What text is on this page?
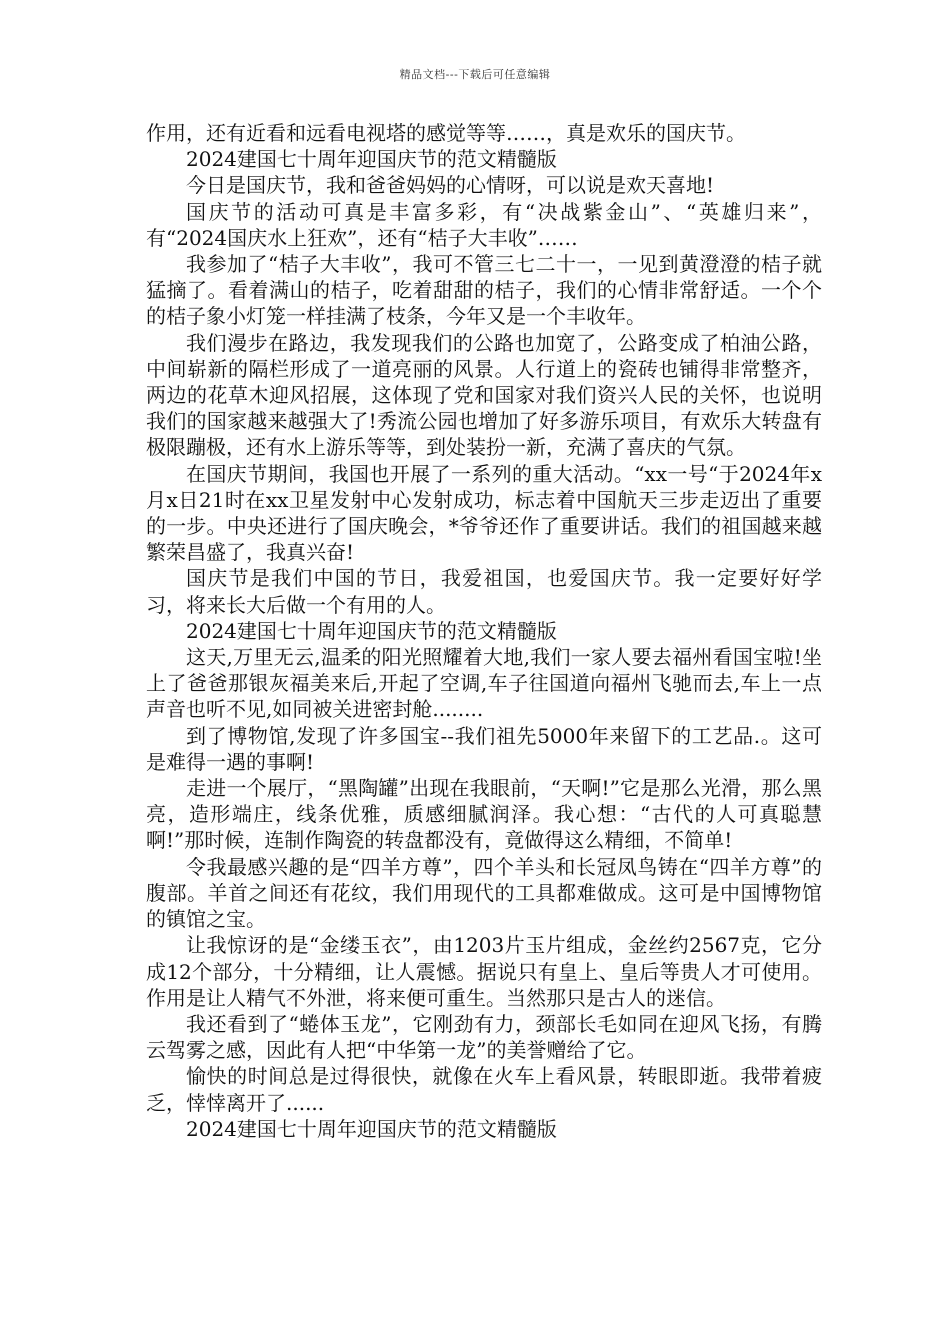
精品文档---下载后可任意编辑

作用，还有近看和远看电视塔的感觉等等……，真是欢乐的国庆节。

2024建国七十周年迎国庆节的范文精髓版

今日是国庆节，我和爸爸妈妈的心情呀，可以说是欢天喜地!

国庆节的活动可真是丰富多彩，有“决战紫金山”、“英雄归来”，有“2024国庆水上狂欢”，还有“桔子大丰收”……

我参加了“桔子大丰收”，我可不管三七二十一，一见到黄澄澄的桔子就猛摘了。看着满山的桔子，吃着甜甜的桔子，我们的心情非常舒适。一个个的桔子象小灯笼一样挂满了枝条，今年又是一个丰收年。

我们漫步在路边，我发现我们的公路也加宽了，公路变成了柏油公路，中间崭新的隔栏形成了一道亮丽的风景。人行道上的瓷砖也铺得非常整齐，两边的花草木迎风招展，这体现了党和国家对我们资兴人民的关怀，也说明我们的国家越来越强大了!秀流公园也增加了好多游乐项目，有欢乐大转盘有极限蹦极，还有水上游乐等等，到处装扮一新，充满了喜庆的气氛。

在国庆节期间，我国也开展了一系列的重大活动。“xx一号“于2024年x月x日21时在xx卫星发射中心发射成功，标志着中国航天三步走迈出了重要的一步。中央还进行了国庆晚会，*爷爷还作了重要讲话。我们的祖国越来越繁荣昌盛了，我真兴奋!

国庆节是我们中国的节日，我爱祖国，也爱国庆节。我一定要好好学习，将来长大后做一个有用的人。

2024建国七十周年迎国庆节的范文精髓版

这天,万里无云,温柔的阳光照耀着大地,我们一家人要去福州看国宝啦!坐上了爸爸那银灰福美来后,开起了空调,车子往国道向福州飞驰而去,车上一点声音也听不见,如同被关进密封舱........

到了博物馆,发现了许多国宝--我们祖先5000年来留下的工艺品.。这可是难得一遇的事啊!

走进一个展厅，“黑陶罐”出现在我眼前，“天啊!”它是那么光滑，那么黑亮，造形端庄，线条优雅，质感细腻润泽。我心想：“古代的人可真聪慧啊!”那时候，连制作陶瓷的转盘都没有，竟做得这么精细，不简单!

令我最感兴趣的是“四羊方尊”，四个羊头和长冠凤鸟铸在“四羊方尊”的腹部。羊首之间还有花纹，我们用现代的工具都难做成。这可是中国博物馆的镇馆之宝。

让我惊讶的是“金缕玉衣”，由1203片玉片组成，金丝约2567克，它分成12个部分，十分精细，让人震憾。据说只有皇上、皇后等贵人才可使用。作用是让人精气不外泄，将来便可重生。当然那只是古人的迷信。

我还看到了“蜷体玉龙”，它刚劲有力，颈部长毛如同在迎风飞扬，有腾云驾雾之感，因此有人把“中华第一龙”的美誉赠给了它。

愉快的时间总是过得很快，就像在火车上看风景，转眼即逝。我带着疲乏，悻悻离开了......

2024建国七十周年迎国庆节的范文精髓版
